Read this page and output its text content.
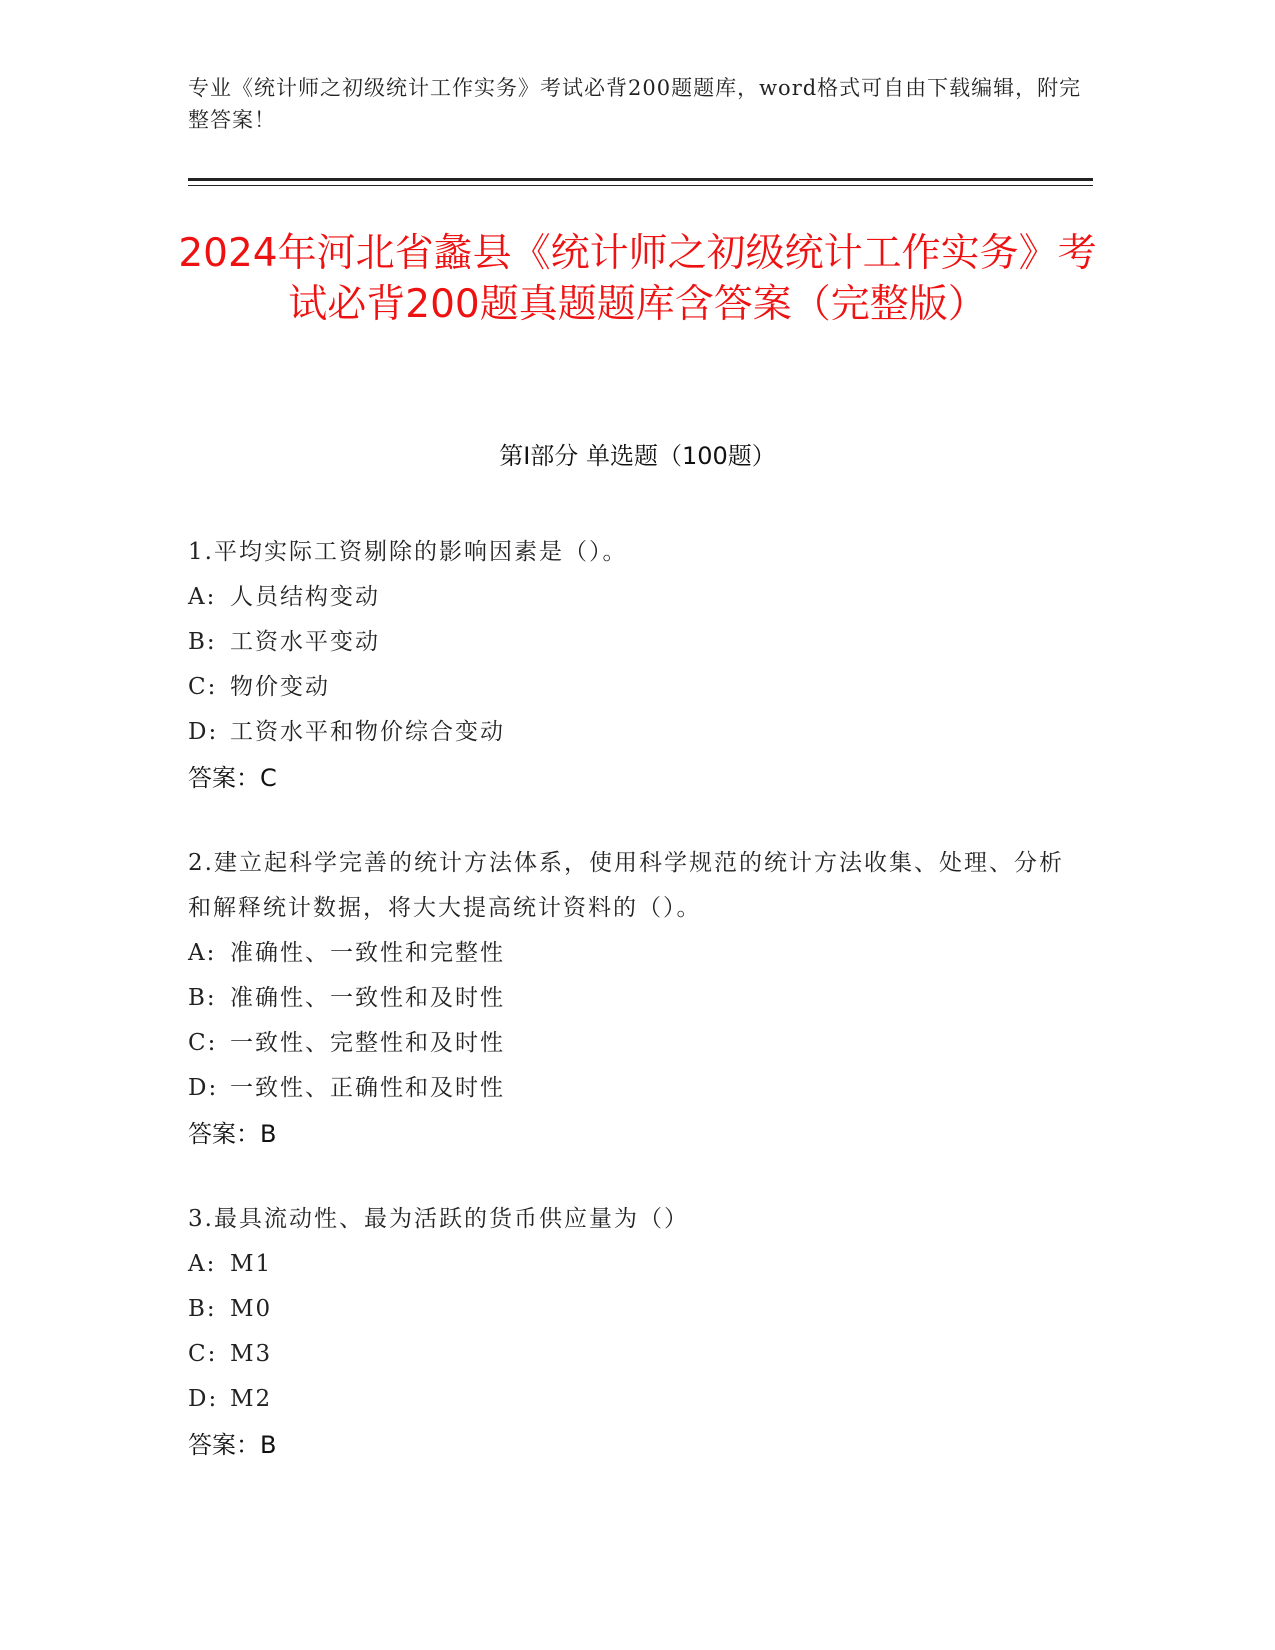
专业《统计师之初级统计工作实务》考试必背200题题库，word格式可自由下载编辑，附完整答案！
2024年河北省蠡县《统计师之初级统计工作实务》考试必背200题真题题库含答案（完整版）
第I部分 单选题（100题）
1.平均实际工资剔除的影响因素是（）。
A: 人员结构变动
B: 工资水平变动
C: 物价变动
D: 工资水平和物价综合变动
答案：C
2.建立起科学完善的统计方法体系，使用科学规范的统计方法收集、处理、分析和解释统计数据，将大大提高统计资料的（）。
A: 准确性、一致性和完整性
B: 准确性、一致性和及时性
C: 一致性、完整性和及时性
D: 一致性、正确性和及时性
答案：B
3.最具流动性、最为活跃的货币供应量为（）
A: M1
B: M0
C: M3
D: M2
答案：B
